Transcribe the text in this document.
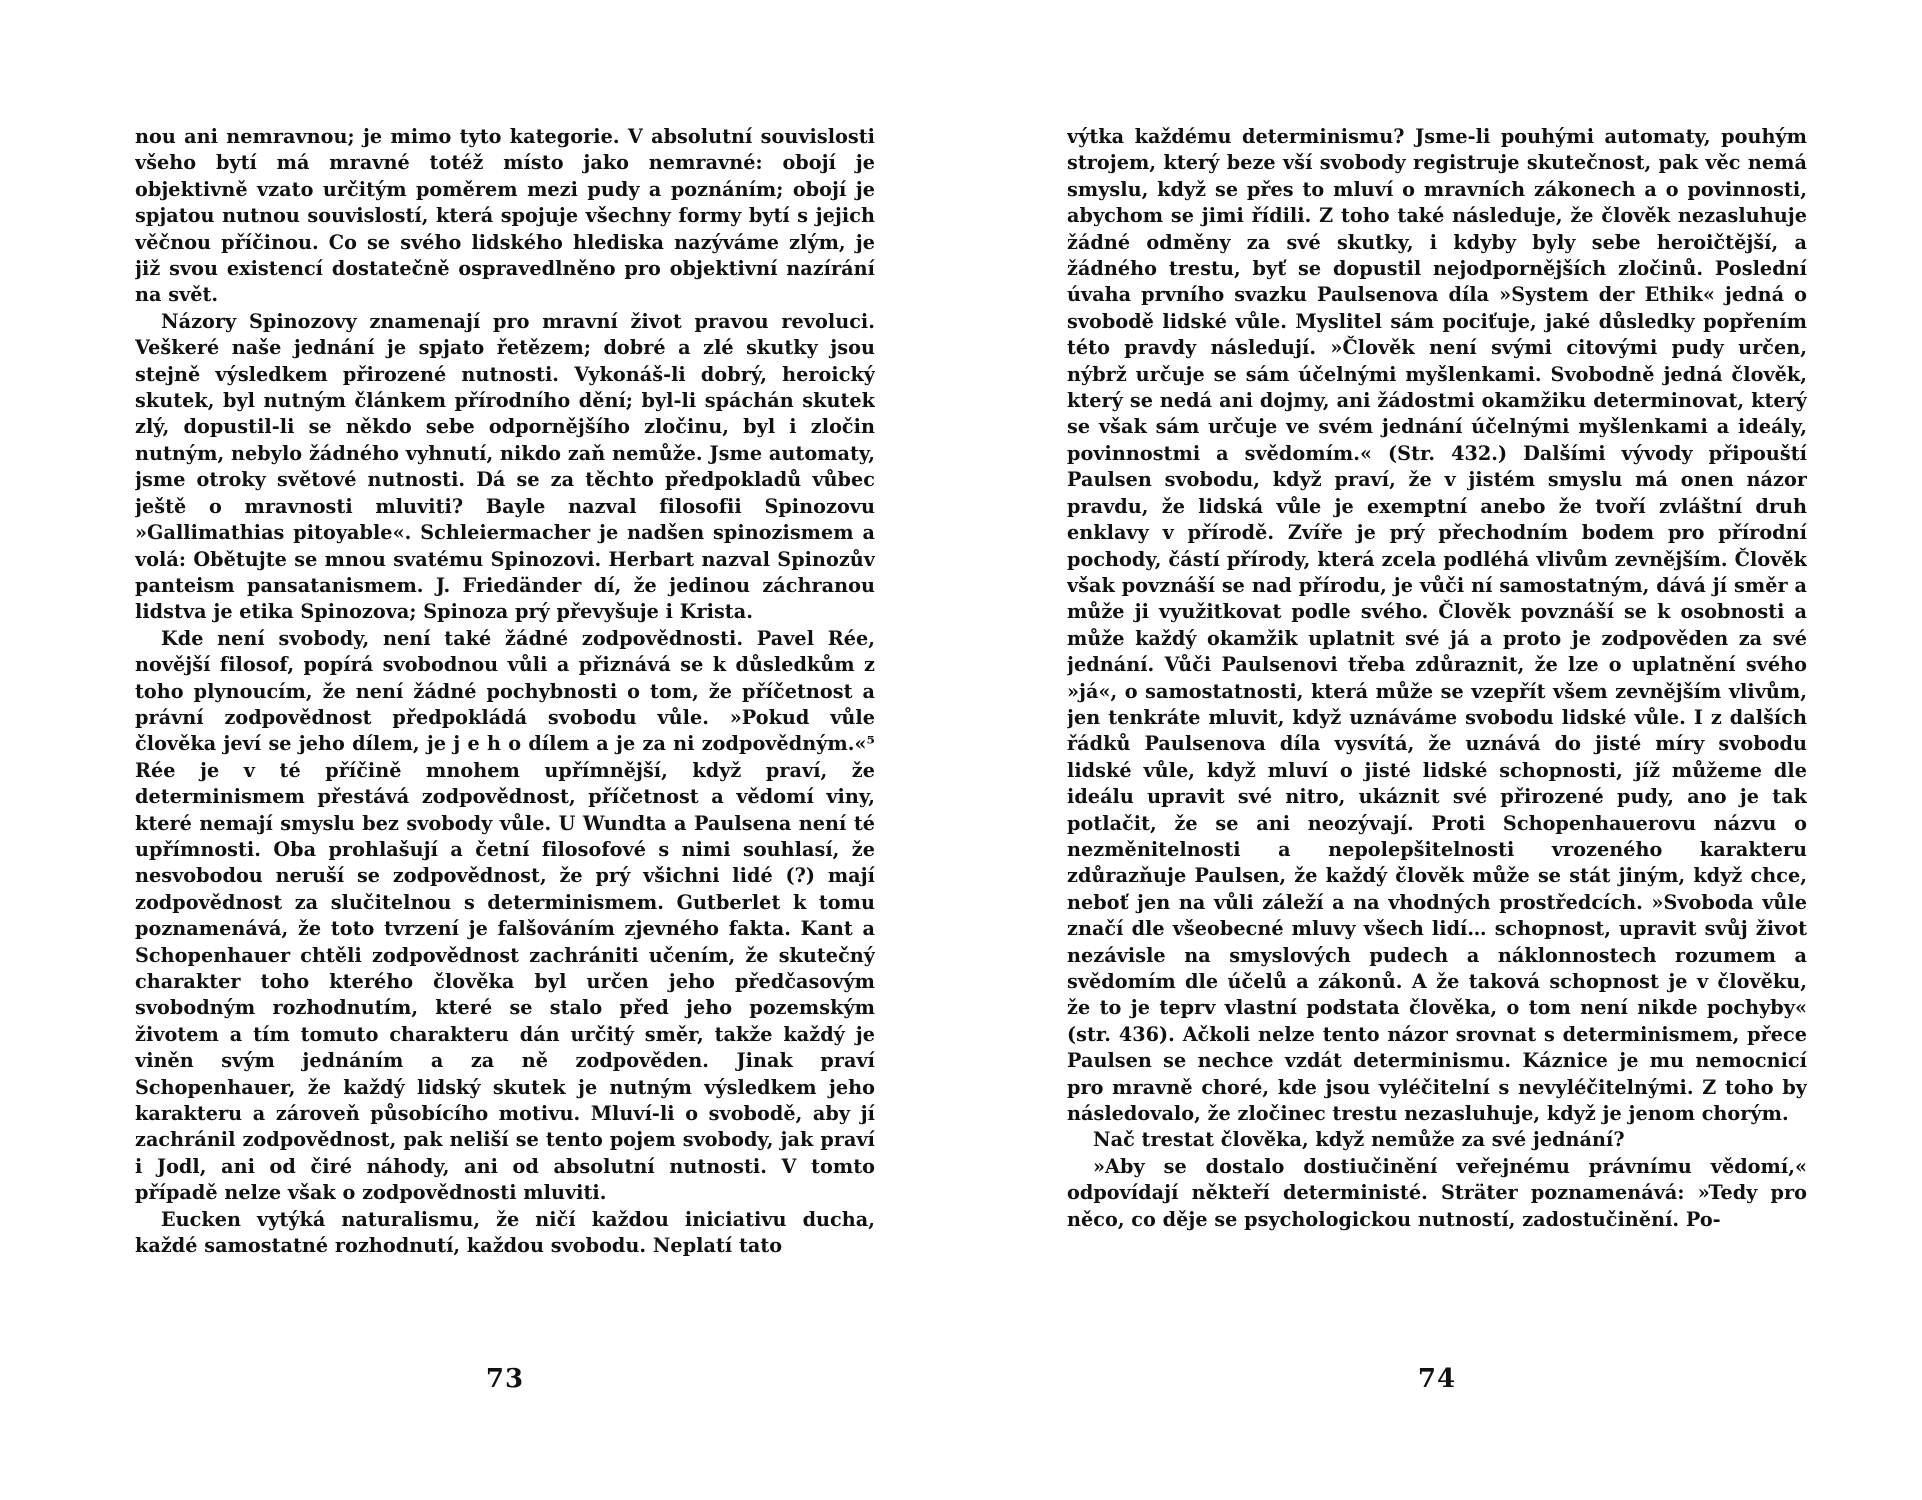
nou ani nemravnou; je mimo tyto kategorie. V absolutní souvislosti všeho bytí má mravné totéž místo jako nemravné: obojí je objektivně vzato určitým poměrem mezi pudy a poznáním; obojí je spjatou nutnou souvislostí, která spojuje všechny formy bytí s jejich věčnou příčinou. Co se svého lidského hlediska nazýváme zlým, je již svou existencí dostatečně ospravedlněno pro objektivní nazírání na svět.

Názory Spinozovy znamenají pro mravní život pravou revoluci. Veškeré naše jednání je spjato řetězem; dobré a zlé skutky jsou stejně výsledkem přirozené nutnosti. Vykonáš-li dobrý, heroický skutek, byl nutným článkem přírodního dění; byl-li spáchán skutek zlý, dopustil-li se někdo sebe odpornějšího zločinu, byl i zločin nutným, nebylo žádného vyhnutí, nikdo zaň nemůže. Jsme automaty, jsme otroky světové nutnosti. Dá se za těchto předpokladů vůbec ještě o mravnosti mluviti? Bayle nazval filosofii Spinozovu »Gallimathias pitoyable«. Schleiermacher je nadšen spinozismem a volá: Obětujte se mnou svatému Spinozovi. Herbart nazval Spinozův panteism pansatanismem. J. Friedänder dí, že jedinou záchranou lidstva je etika Spinozova; Spinoza prý převyšuje i Krista.

Kde není svobody, není také žádné zodpovědnosti. Pavel Rée, novější filosof, popírá svobodnou vůli a přiznává se k důsledkům z toho plynoucím, že není žádné pochybnosti o tom, že příčetnost a právní zodpovědnost předpokládá svobodu vůle. »Pokud vůle člověka jeví se jeho dílem, je j e h o dílem a je za ni zodpovědným.«⁵ Rée je v té příčině mnohem upřímnější, když praví, že determinismem přestává zodpovědnost, příčetnost a vědomí viny, které nemají smyslu bez svobody vůle. U Wundta a Paulsena není té upřímnosti. Oba prohlašují a četní filosofové s nimi souhlasí, že nesvobodou neruší se zodpovědnost, že prý všichni lidé (?) mají zodpovědnost za slučitelnou s determinismem. Gutberlet k tomu poznamenává, že toto tvrzení je falšováním zjevného fakta. Kant a Schopenhauer chtěli zodpovědnost zachrániti učením, že skutečný charakter toho kterého člověka byl určen jeho předčasovým svobodným rozhodnutím, které se stalo před jeho pozemským životem a tím tomuto charakteru dán určitý směr, takže každý je viněn svým jednáním a za ně zodpověden. Jinak praví Schopenhauer, že každý lidský skutek je nutným výsledkem jeho karakteru a zároveň působícího motivu. Mluví-li o svobodě, aby jí zachránil zodpovědnost, pak neliší se tento pojem svobody, jak praví i Jodl, ani od čiré náhody, ani od absolutní nutnosti. V tomto případě nelze však o zodpovědnosti mluviti.

Eucken vytýká naturalismu, že ničí každou iniciativu ducha, každé samostatné rozhodnutí, každou svobodu. Neplatí tato

73

výtka každému determinismu? Jsme-li pouhými automaty, pouhým strojem, který beze vší svobody registruje skutečnost, pak věc nemá smyslu, když se přes to mluví o mravních zákonech a o povinnosti, abychom se jimi řídili. Z toho také následuje, že člověk nezasluhuje žádné odměny za své skutky, i kdyby byly sebe heroičtější, a žádného trestu, byť se dopustil nejodpornějších zločinů. Poslední úvaha prvního svazku Paulsenova díla »System der Ethik« jedná o svobodě lidské vůle. Myslitel sám pociťuje, jaké důsledky popřením této pravdy následují. »Člověk není svými citovými pudy určen, nýbrž určuje se sám účelnými myšlenkami. Svobodně jedná člověk, který se nedá ani dojmy, ani žádostmi okamžiku determinovat, který se však sám určuje ve svém jednání účelnými myšlenkami a ideály, povinnostmi a svědomím.« (Str. 432.) Dalšími vývody připouští Paulsen svobodu, když praví, že v jistém smyslu má onen názor pravdu, že lidská vůle je exemptní anebo že tvoří zvláštní druh enklavy v přírodě. Zvíře je prý přechodním bodem pro přírodní pochody, částí přírody, která zcela podléhá vlivům zevnějším. Člověk však povznáší se nad přírodu, je vůči ní samostatným, dává jí směr a může ji využitkovat podle svého. Člověk povznáší se k osobnosti a může každý okamžik uplatnit své já a proto je zodpověden za své jednání. Vůči Paulsenovi třeba zdůraznit, že lze o uplatnění svého »já«, o samostatnosti, která může se vzepřít všem zevnějším vlivům, jen tenkráte mluvit, když uznáváme svobodu lidské vůle. I z dalších řádků Paulsenova díla vysvítá, že uznává do jisté míry svobodu lidské vůle, když mluví o jisté lidské schopnosti, jíž můžeme dle ideálu upravit své nitro, ukáznit své přirozené pudy, ano je tak potlačit, že se ani neozývají. Proti Schopenhauerovu názvu o nezměnitelnosti a nepolepšitelnosti vrozeného karakteru zdůrazňuje Paulsen, že každý člověk může se stát jiným, když chce, neboť jen na vůli záleží a na vhodných prostředcích. »Svoboda vůle značí dle všeobecné mluvy všech lidí… schopnost, upravit svůj život nezávisle na smyslových pudech a náklonnostech rozumem a svědomím dle účelů a zákonů. A že taková schopnost je v člověku, že to je teprv vlastní podstata člověka, o tom není nikde pochyby« (str. 436). Ačkoli nelze tento názor srovnat s determinismem, přece Paulsen se nechce vzdát determinismu. Káznice je mu nemocnicí pro mravně choré, kde jsou vyléčitelní s nevyléčitelnými. Z toho by následovalo, že zločinec trestu nezasluhuje, když je jenom chorým.

Nač trestat člověka, když nemůže za své jednání?

»Aby se dostalo dostiučinění veřejnému právnímu vědomí,« odpovídají někteří deterministé. Sträter poznamenává: »Tedy pro něco, co děje se psychologickou nutností, zadostučinění. Po-

74
